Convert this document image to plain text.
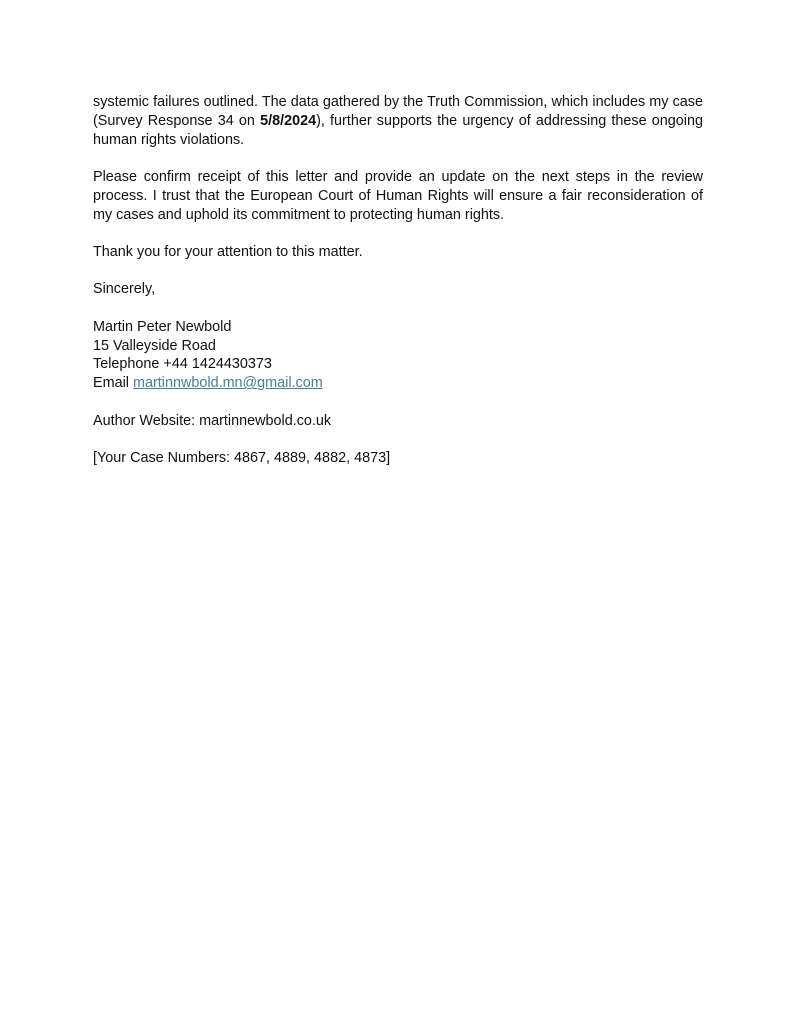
systemic failures outlined. The data gathered by the Truth Commission, which includes my case (Survey Response 34 on 5/8/2024), further supports the urgency of addressing these ongoing human rights violations.

Please confirm receipt of this letter and provide an update on the next steps in the review process. I trust that the European Court of Human Rights will ensure a fair reconsideration of my cases and uphold its commitment to protecting human rights.

Thank you for your attention to this matter.

Sincerely,

Martin Peter Newbold
15 Valleyside Road
Telephone +44 1424430373
Email martinnwbold.mn@gmail.com

Author Website: martinnewbold.co.uk

[Your Case Numbers: 4867, 4889, 4882, 4873]
